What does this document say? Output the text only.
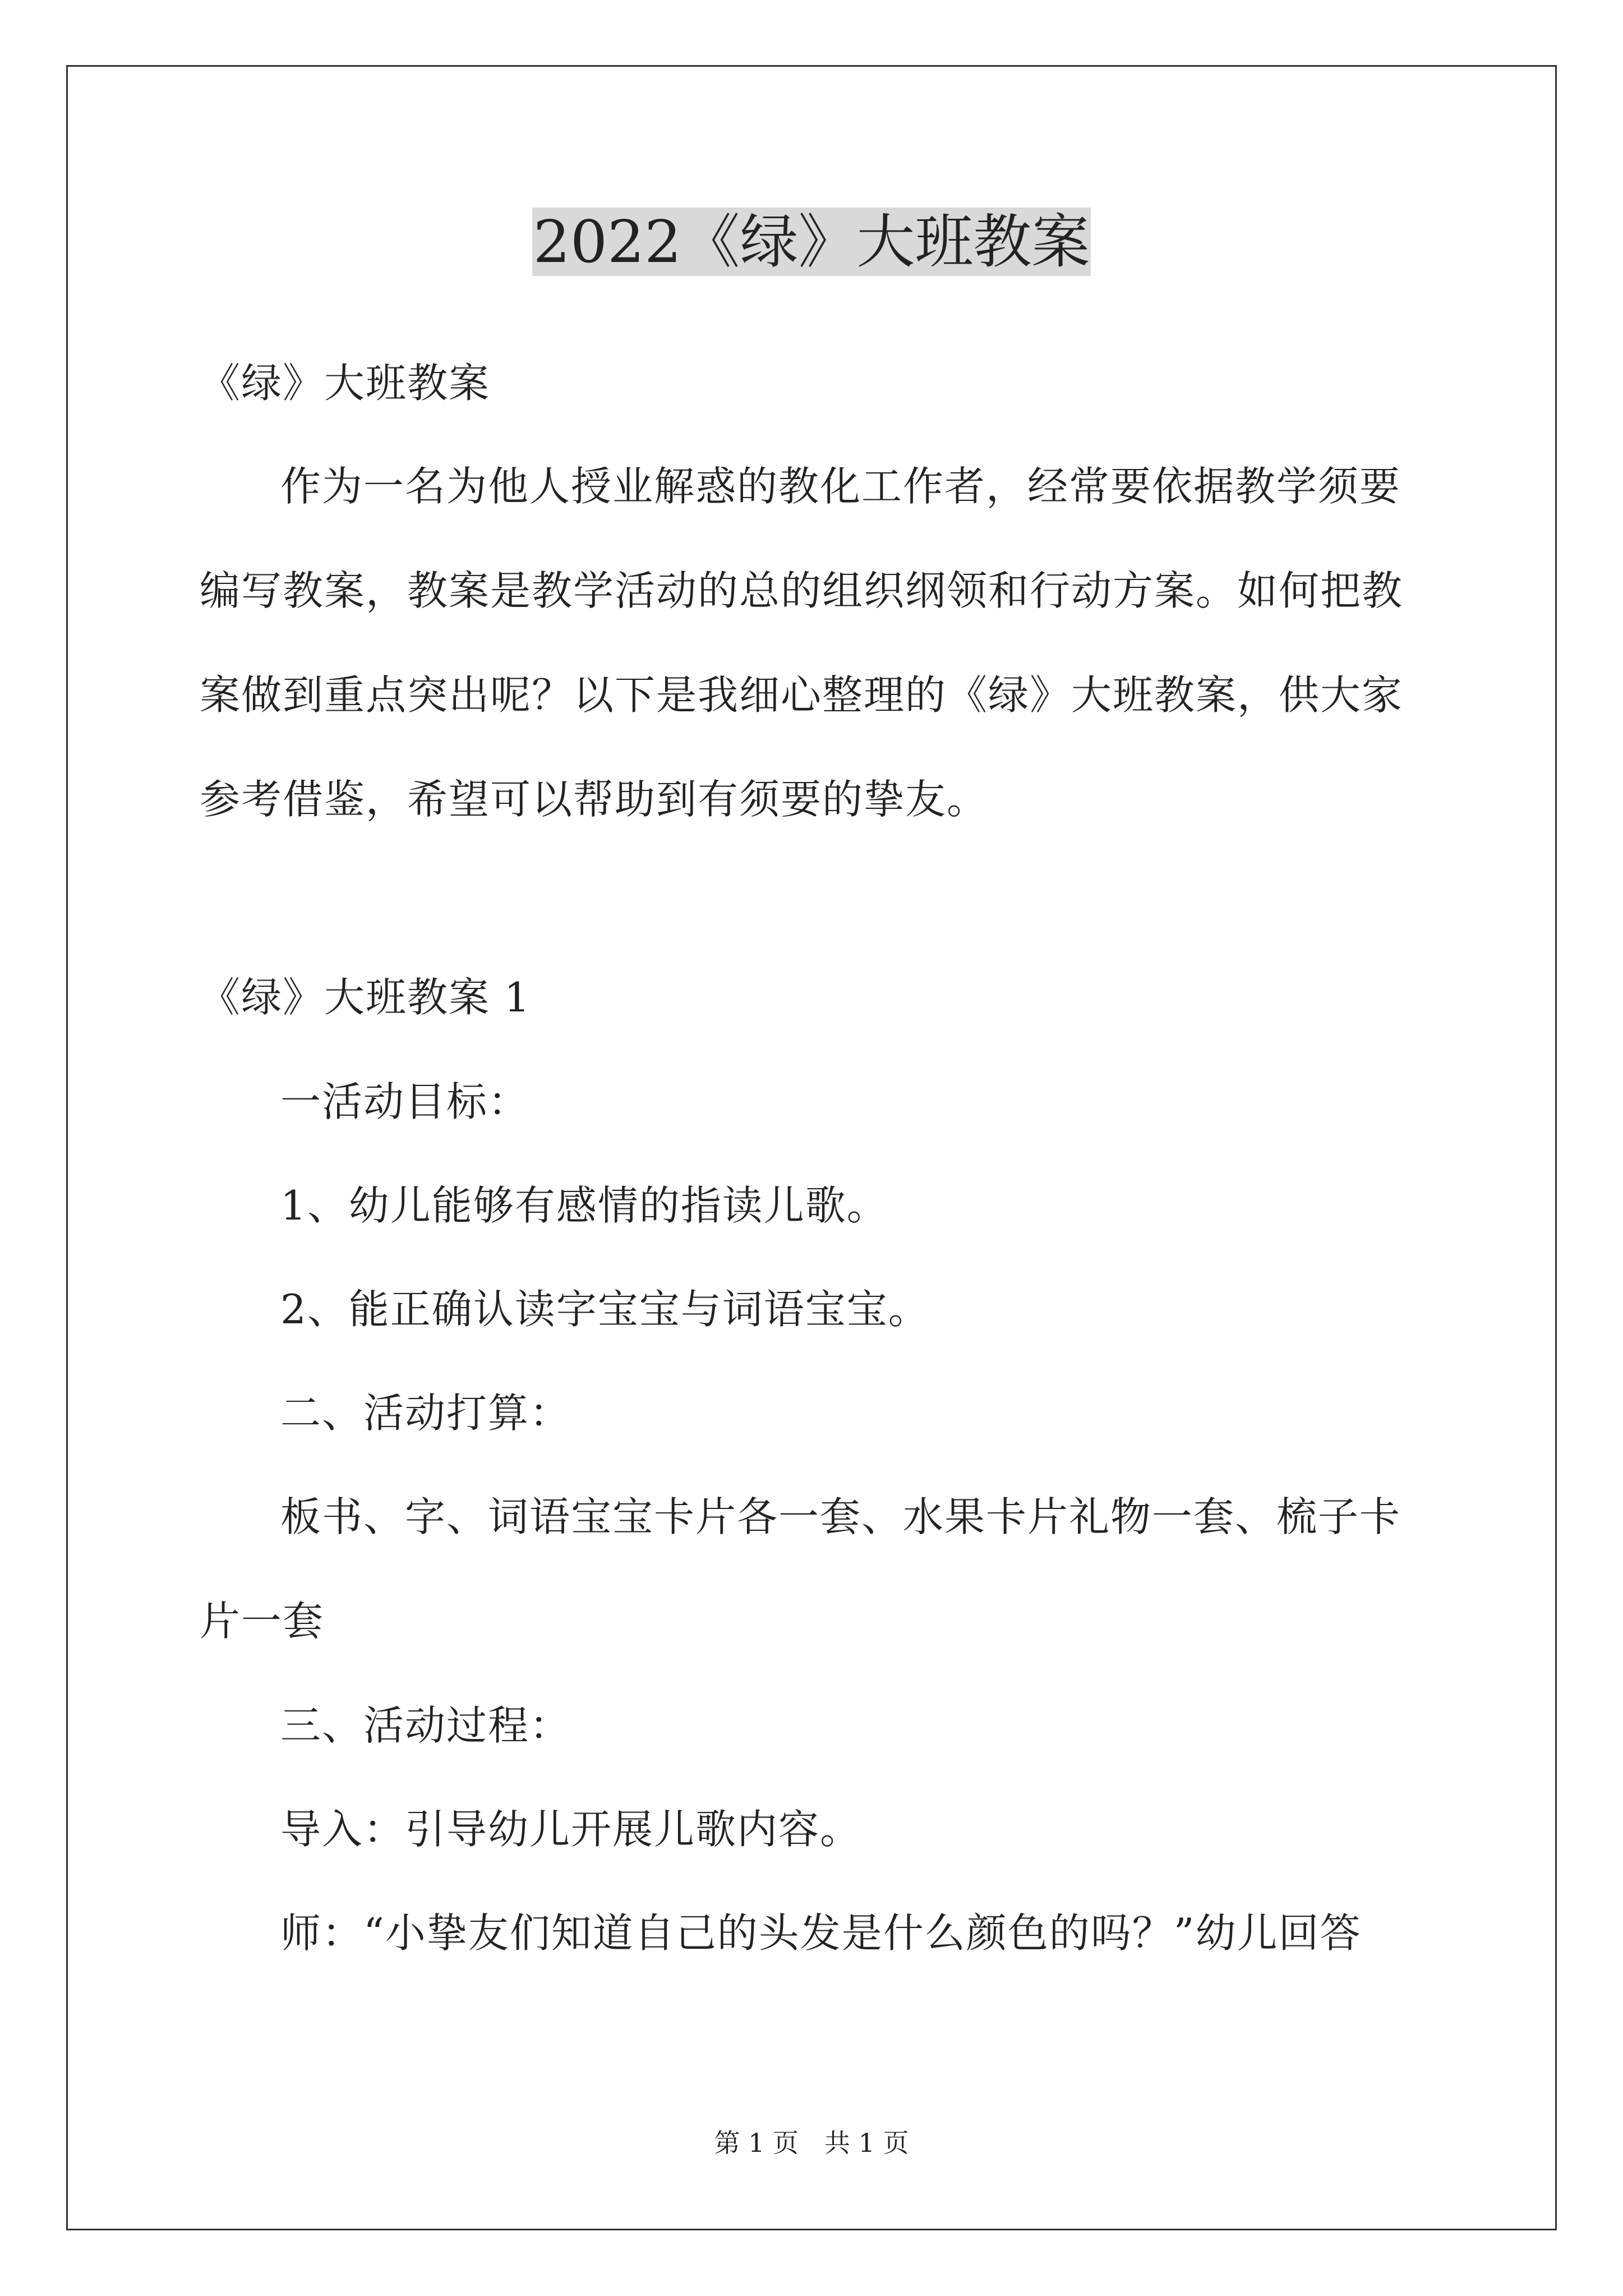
2022《绿》大班教案

《绿》大班教案

作为一名为他人授业解惑的教化工作者，经常要依据教学须要编写教案，教案是教学活动的总的组织纲领和行动方案。如何把教案做到重点突出呢？以下是我细心整理的《绿》大班教案，供大家参考借鉴，希望可以帮助到有须要的挚友。

《绿》大班教案 1

一活动目标：

1、幼儿能够有感情的指读儿歌。

2、能正确认读字宝宝与词语宝宝。

二、活动打算：

板书、字、词语宝宝卡片各一套、水果卡片礼物一套、梳子卡片一套

三、活动过程：

导入：引导幼儿开展儿歌内容。

师：“小挚友们知道自己的头发是什么颜色的吗？”幼儿回答

第 1 页　共 1 页
